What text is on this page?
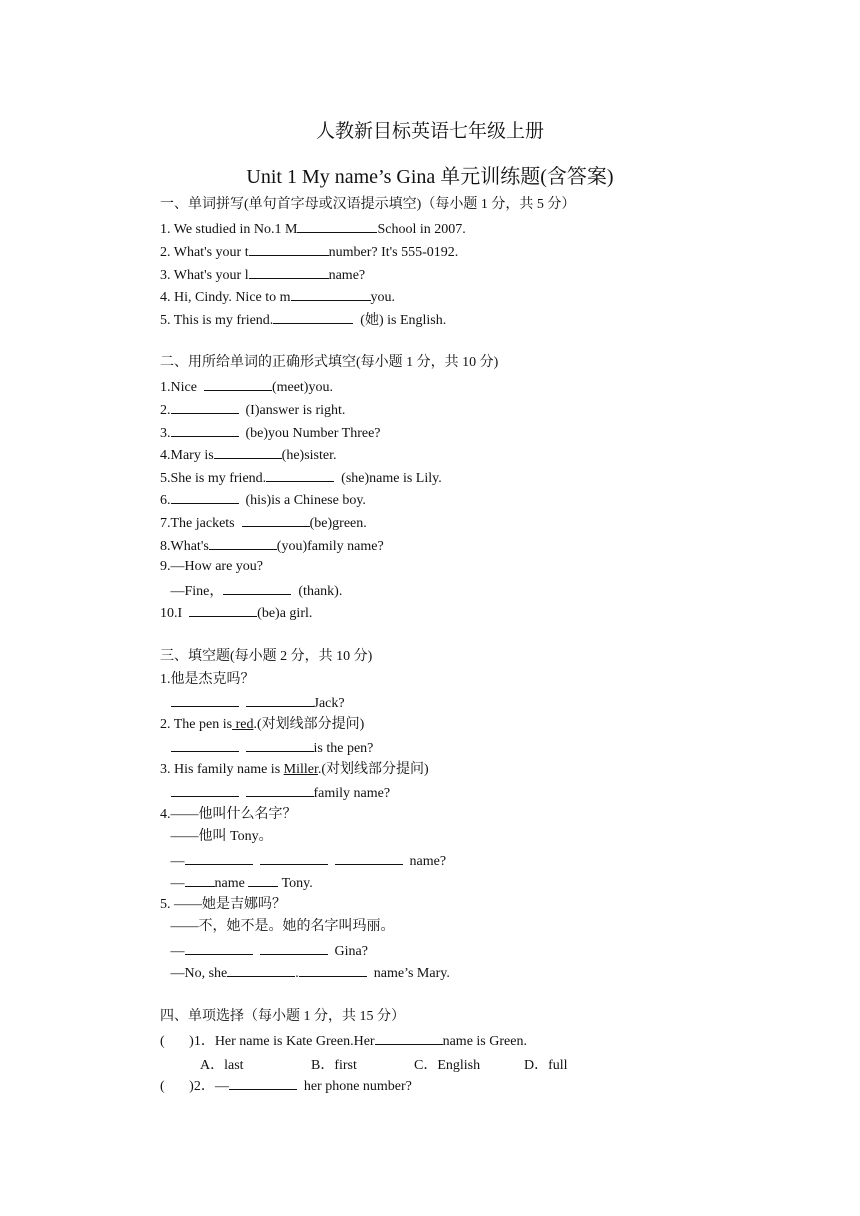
人教新目标英语七年级上册
Unit 1 My name’s Gina 单元训练题(含答案)
一、单词拼写(单句首字母或汉语提示填空)（每小题 1 分，共 5 分）
1. We studied in No.1 M	School in 2007.
2. What's your t	number? It's 555-0192.
3. What's your l	name?
4. Hi, Cindy. Nice to m	you.
5. This is my friend.	(她) is English.
二、用所给单词的正确形式填空(每小题 1 分，共 10 分)
1.Nice	(meet)you.
2.	(I)answer is right.
3.	(be)you Number Three?
4.Mary is	(he)sister.
5.She is my friend.	(she)name is Lily.
6.	(his)is a Chinese boy.
7.The jackets	(be)green.
8.What's	(you)family name?
9.—How are you?
—Fine，	(thank).
10.I	(be)a girl.
三、填空题(每小题 2 分，共 10 分)
1.他是杰克吗？
Jack?
2. The pen is red.(对划线部分提问)
is the pen?
3. His family name is Miller.(对划线部分提问)
family name?
4.——他叫什么名字？
——他叫 Tony。
—	name?
— name  Tony.
5. ——她是吉娜吗？
——不，她不是。她的名字叫玛丽。
—	Gina?
—No, she	.	name’s Mary.
四、单项选择（每小题 1 分，共 15 分）
(       )1．Her name is Kate Green.Her	name is Green.
A．last	B．first	C．English	D．full
(       )2．—	her phone number?
